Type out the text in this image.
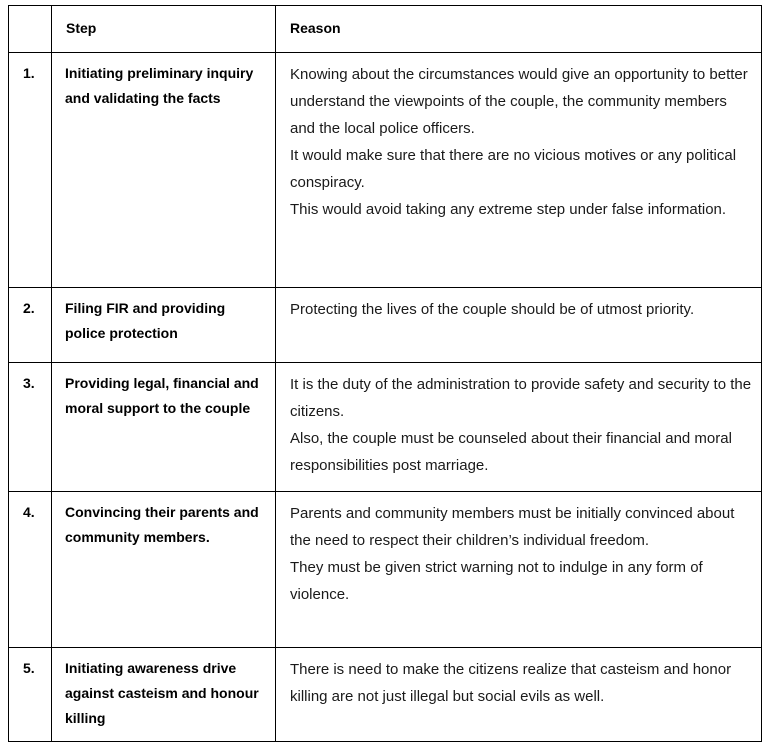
	Step	Reason
1.	Initiating preliminary inquiry and validating the facts	Knowing about the circumstances would give an opportunity to better understand the viewpoints of the couple, the community members and the local police officers.
It would make sure that there are no vicious motives or any political conspiracy.
This would avoid taking any extreme step under false information.

2.	Filing FIR and providing police protection	Protecting the lives of the couple should be of utmost priority.

3.	Providing legal, financial and moral support to the couple	It is the duty of the administration to provide safety and security to the citizens.
Also, the couple must be counseled about their financial and moral responsibilities post marriage.

4.	Convincing their parents and community members.	Parents and community members must be initially convinced about the need to respect their children’s individual freedom.
They must be given strict warning not to indulge in any form of violence.

5.	Initiating awareness drive against casteism and honour killing	There is need to make the citizens realize that casteism and honor killing are not just illegal but social evils as well.
